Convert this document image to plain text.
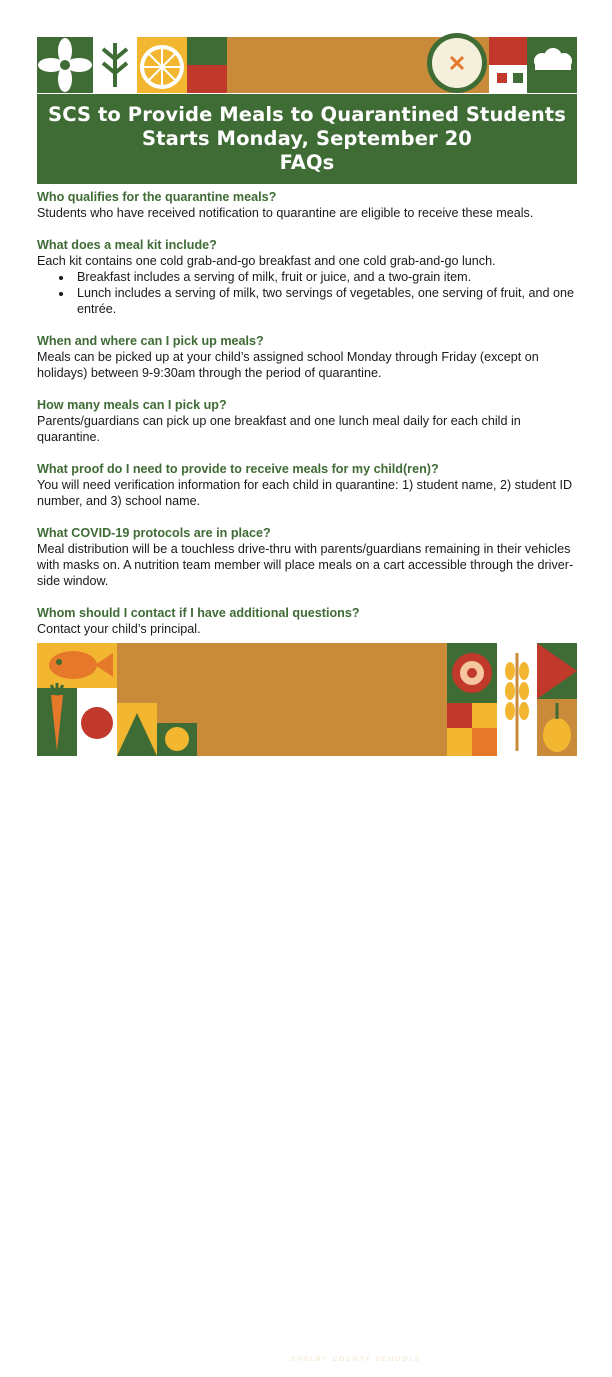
SCS to Provide Meals to Quarantined Students
Starts Monday, September 20
FAQs
Who qualifies for the quarantine meals?
Students who have received notification to quarantine are eligible to receive these meals.
What does a meal kit include?
Each kit contains one cold grab-and-go breakfast and one cold grab-and-go lunch.
• Breakfast includes a serving of milk, fruit or juice, and a two-grain item.
• Lunch includes a serving of milk, two servings of vegetables, one serving of fruit, and one entrée.
When and where can I pick up meals?
Meals can be picked up at your child’s assigned school Monday through Friday (except on holidays) between 9-9:30am through the period of quarantine.
How many meals can I pick up?
Parents/guardians can pick up one breakfast and one lunch meal daily for each child in quarantine.
What proof do I need to provide to receive meals for my child(ren)?
You will need verification information for each child in quarantine: 1) student name, 2) student ID number, and 3) school name.
What COVID-19 protocols are in place?
Meal distribution will be a touchless drive-thru with parents/guardians remaining in their vehicles with masks on. A nutrition team member will place meals on a cart accessible through the driver-side window.
Whom should I contact if I have additional questions?
Contact your child’s principal.
RE
IMAGINING 901
SHELBY COUNTY SCHOOLS
